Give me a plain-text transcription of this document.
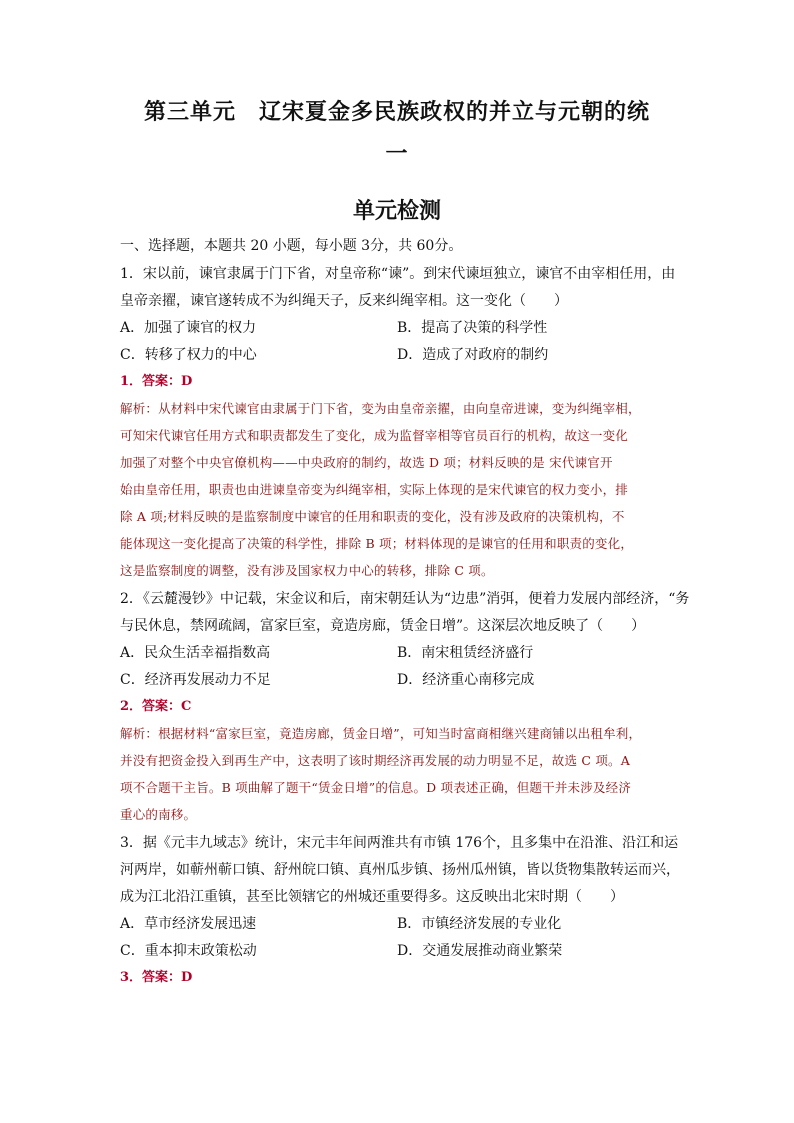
第三单元　辽宋夏金多民族政权的并立与元朝的统
一
单元检测
一、选择题，本题共 20 小题，每小题 3分，共 60分。
1．宋以前，谏官隶属于门下省，对皇帝称“谏”。到宋代谏垣独立，谏官不由宰相任用，由
皇帝亲擢，谏官遂转成不为纠绳天子，反来纠绳宰相。这一变化（　　）
A．加强了谏官的权力	B．提高了决策的科学性
C．转移了权力的中心	D．造成了对政府的制约
1．答案：D
解析：从材料中宋代谏官由隶属于门下省，变为由皇帝亲擢，由向皇帝进谏，变为纠绳宰相，
可知宋代谏官任用方式和职责都发生了变化，成为监督宰相等官员百行的机构，故这一变化
加强了对整个中央官僚机构——中央政府的制约，故选 D 项；材料反映的是 宋代谏官开
始由皇帝任用，职责也由进谏皇帝变为纠绳宰相，实际上体现的是宋代谏官的权力变小，排
除 A 项;材料反映的是监察制度中谏官的任用和职责的变化，没有涉及政府的决策机构，不
能体现这一变化提高了决策的科学性，排除 B 项；材料体现的是谏官的任用和职责的变化，
这是监察制度的调整，没有涉及国家权力中心的转移，排除 C 项。
2．《云麓漫钞》中记载，宋金议和后，南宋朝廷认为“边患”消弭，便着力发展内部经济，“务
与民休息，禁网疏阔，富家巨室，竟造房廊，赁金日增”。这深层次地反映了（　　）
A．民众生活幸福指数高	B．南宋租赁经济盛行
C．经济再发展动力不足	D．经济重心南移完成
2．答案：C
解析：根据材料“富家巨室，竟造房廊，赁金日增”，可知当时富商相继兴建商铺以出租牟利，
并没有把资金投入到再生产中，这表明了该时期经济再发展的动力明显不足，故选 C 项。A
项不合题干主旨。B 项曲解了题干“赁金日增”的信息。D 项表述正确，但题干并未涉及经济
重心的南移。
3．据《元丰九域志》统计，宋元丰年间两淮共有市镇 176个，且多集中在沿淮、沿江和运
河两岸，如蕲州蕲口镇、舒州皖口镇、真州瓜步镇、扬州瓜州镇，皆以货物集散转运而兴，
成为江北沿江重镇，甚至比领辖它的州城还重要得多。这反映出北宋时期（　　）
A．草市经济发展迅速	B．市镇经济发展的专业化
C．重本抑末政策松动	D．交通发展推动商业繁荣
3．答案：D
